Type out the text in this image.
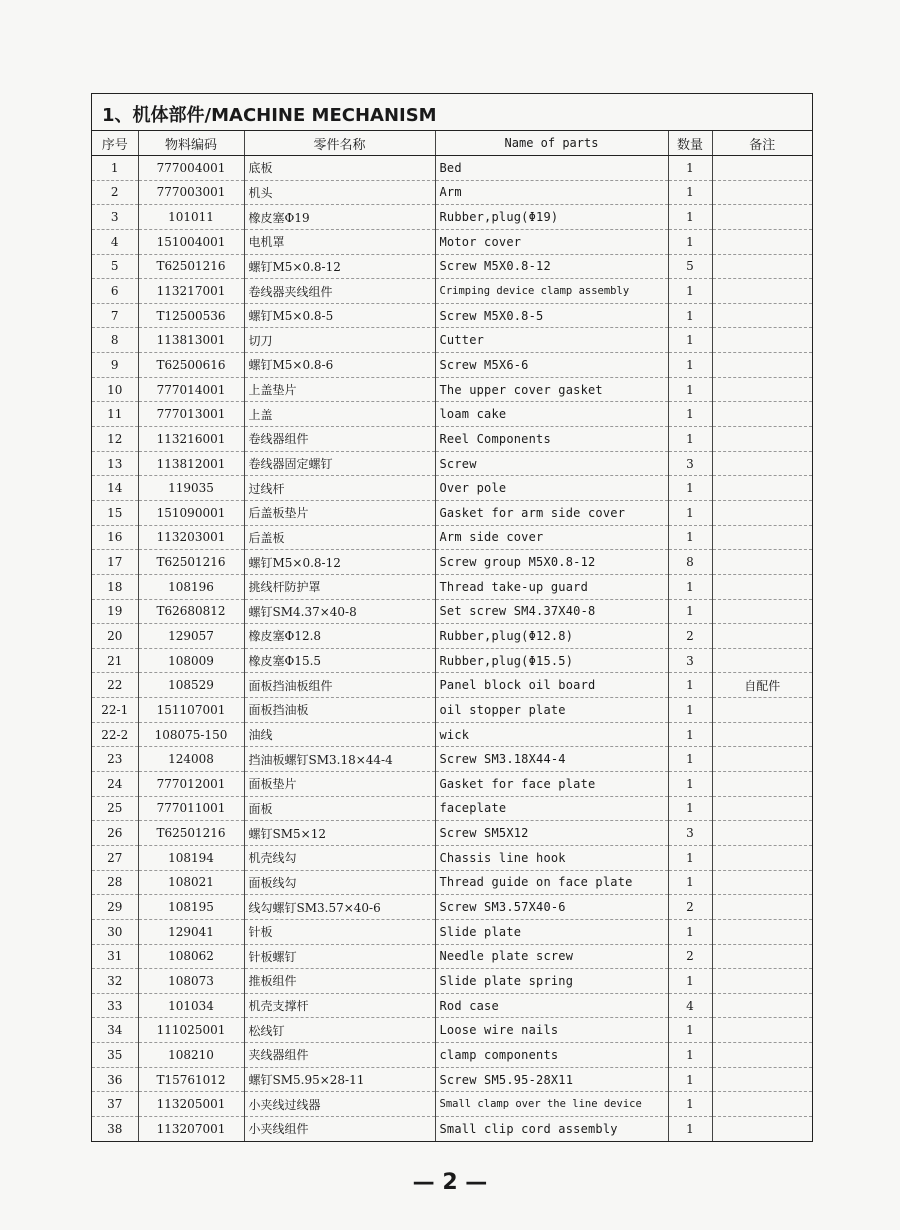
1、机体部件/MACHINE MECHANISM
序号	物料编码	零件名称	Name of parts	数量	备注
1	777004001	底板	Bed	1	
2	777003001	机头	Arm	1	
3	101011	橡皮塞Φ19	Rubber,plug(Φ19)	1	
4	151004001	电机罩	Motor cover	1	
5	T62501216	螺钉M5×0.8-12	Screw M5X0.8-12	5	
6	113217001	卷线器夹线组件	Crimping device clamp assembly	1	
7	T12500536	螺钉M5×0.8-5	Screw M5X0.8-5	1	
8	113813001	切刀	Cutter	1	
9	T62500616	螺钉M5×0.8-6	Screw M5X6-6	1	
10	777014001	上盖垫片	The upper cover gasket	1	
11	777013001	上盖	loam cake	1	
12	113216001	卷线器组件	Reel Components	1	
13	113812001	卷线器固定螺钉	Screw	3	
14	119035	过线杆	Over pole	1	
15	151090001	后盖板垫片	Gasket for arm side cover	1	
16	113203001	后盖板	Arm side cover	1	
17	T62501216	螺钉M5×0.8-12	Screw group M5X0.8-12	8	
18	108196	挑线杆防护罩	Thread take-up guard	1	
19	T62680812	螺钉SM4.37×40-8	Set screw SM4.37X40-8	1	
20	129057	橡皮塞Φ12.8	Rubber,plug(Φ12.8)	2	
21	108009	橡皮塞Φ15.5	Rubber,plug(Φ15.5)	3	
22	108529	面板挡油板组件	Panel block oil board	1	自配件
22-1	151107001	面板挡油板	oil stopper plate	1	
22-2	108075-150	油线	wick	1	
23	124008	挡油板螺钉SM3.18×44-4	Screw SM3.18X44-4	1	
24	777012001	面板垫片	Gasket for face plate	1	
25	777011001	面板	faceplate	1	
26	T62501216	螺钉SM5×12	Screw SM5X12	3	
27	108194	机壳线勾	Chassis line hook	1	
28	108021	面板线勾	Thread guide on face plate	1	
29	108195	线勾螺钉SM3.57×40-6	Screw SM3.57X40-6	2	
30	129041	针板	Slide plate	1	
31	108062	针板螺钉	Needle plate screw	2	
32	108073	推板组件	Slide plate spring	1	
33	101034	机壳支撑杆	Rod case	4	
34	111025001	松线钉	Loose wire nails	1	
35	108210	夹线器组件	clamp components	1	
36	T15761012	螺钉SM5.95×28-11	Screw SM5.95-28X11	1	
37	113205001	小夹线过线器	Small clamp over the line device	1	
38	113207001	小夹线组件	Small clip cord assembly	1	
— 2 —
